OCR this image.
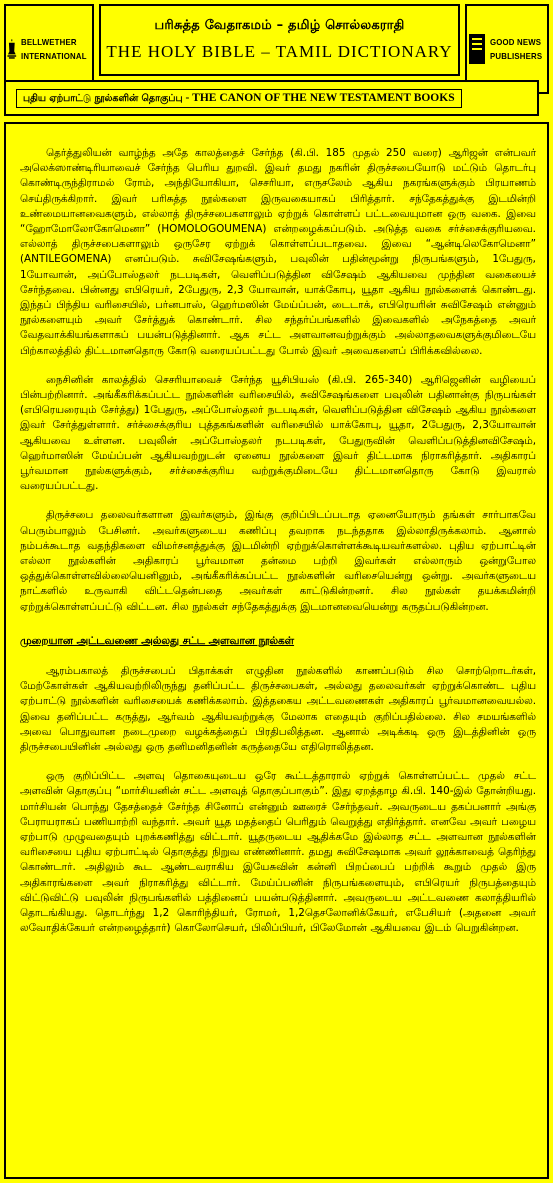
BELLWETHER
INTERNATIONAL
பரிசுத்த வேதாகமம் – தமிழ் சொல்லகராதி
THE HOLY BIBLE – TAMIL DICTIONARY	GOOD NEWS
PUBLISHERS
புதிய ஏற்பாட்டு நூல்களின் தொகுப்பு - THE CANON OF THE NEW TESTAMENT BOOKS

தெர்த்துலியன் வாழ்ந்த அதே காலத்தைச் சேர்ந்த (கி.பி. 185 முதல் 250 வரை) ஆரிஜன் என்பவர் அலெக்ஸாண்டிரியாவைச் சேர்ந்த பெரிய துறவி. இவர் தமது நகரின் திருச்சபையோடு மட்டும் தொடர்பு கொண்டிருந்திராமல் ரோம், அந்தியோகியா, செசரியா, எருசலேம் ஆகிய நகரங்களுக்கும் பிரயாணம் செய்திருக்கிறார். இவர் பரிசுத்த நூல்களை இருவகையாகப் பிரித்தார். சந்தேகத்துக்கு இடமின்றி உண்மையானவைகளும், எல்லாத் திருச்சபைகளாலும் ஏற்றுக் கொள்ளப் பட்டவையுமான ஒரு வகை. இவை “ஹோமோலோகோமெனா” (HOMOLOGOUMENA) என்றழைக்கப்படும். அடுத்த வகை சர்ச்சைக்குரியவை. எல்லாத் திருச்சபைகளாலும் ஒருசேர ஏற்றுக் கொள்ளப்படாதவை. இவை “ஆன்டிலெகோமெனா” (ANTILEGOMENA) எனப்படும். சுவிசேஷங்களும், பவுலின் பதின்மூன்று நிருபங்களும், 1பேதுரு, 1யோவான், அப்போஸ்தலர் நடபடிகள், வெளிப்படுத்தின விசேஷம் ஆகியவை முந்தின வகையைச் சேர்ந்தவை. பின்னது எபிரெயர், 2பேதுரு, 2,3 யோவான், யாக்கோபு, யூதா ஆகிய நூல்களைக் கொண்டது. இந்தப் பிந்திய வரிசையில், பர்னபாஸ், ஹெர்மஸின் மேய்ப்பன், டைடாக், எபிரெயரின் சுவிசேஷம் என்னும் நூல்களையும் அவர் சேர்த்துக் கொண்டார். சில சந்தர்ப்பங்களில் இவைகளில் அநேகத்தை அவர் வேதவாக்கியங்களாகப் பயன்படுத்தினார். ஆக சட்ட அளவானவற்றுக்கும் அல்லாதவைகளுக்குமிடையே பிற்காலத்தில் திட்டமானதொரு கோடு வரையப்பட்டது போல் இவர் அவைகளைப் பிரிக்கவில்லை.

நைசினின் காலத்தில் செசரியாவைச் சேர்ந்த யூசிபியஸ் (கி.பி. 265-340) ஆரிஜெனின் வழியைப் பின்பற்றினார். அங்கீகரிக்கப்பட்ட நூல்களின் வரிசையில், சுவிசேஷங்களை பவுலின் பதினான்கு நிருபங்கள் (எபிரெயரையும் சேர்த்து) 1பேதுரு, அப்போஸ்தலர் நடபடிகள், வெளிப்படுத்தின விசேஷம் ஆகிய நூல்களை இவர் சேர்த்துள்ளார். சர்ச்சைக்குரிய புத்தகங்களின் வரிசையில் யாக்கோபு, யூதா, 2பேதுரு, 2,3யோவான் ஆகியவை உள்ளன. பவுலின் அப்போஸ்தலர் நடபடிகள், பேதுருவின் வெளிப்படுத்தினவிசேஷம், ஹெர்மாஸின் மேய்ப்பன் ஆகியவற்றுடன் ஏனைய நூல்களை இவர் திட்டமாக நிராகரித்தார். அதிகாரப் பூர்வமான நூல்களுக்கும், சர்ச்சைக்குரிய வற்றுக்குமிடையே திட்டமானதொரு கோடு இவரால் வரையப்பட்டது.

திருச்சபை தலைவர்களான இவர்களும், இங்கு குறிப்பிடப்படாத ஏனையோரும் தங்கள் சார்பாகவே பெரும்பாலும் பேசினர். அவர்களுடைய கணிப்பு தவறாக நடந்ததாக இல்லாதிருக்கலாம். ஆனால் நம்பக்கூடாத வதந்திகளை விமர்சனத்துக்கு இடமின்றி ஏற்றுக்கொள்ளக்கூடியவர்களல்ல. புதிய ஏற்பாட்டின் எல்லா நூல்களின் அதிகாரப் பூர்வமான தன்மை பற்றி இவர்கள் எல்லாரும் ஒன்றுபோல ஒத்துக்கொள்ளவில்லையெனினும், அங்கீகரிக்கப்பட்ட நூல்களின் வரிசையென்று ஒன்று. அவர்களுடைய நாட்களில் உருவாகி விட்டதென்பதை அவர்கள் காட்டுகின்றனர். சில நூல்கள் தயக்கமின்றி ஏற்றுக்கொள்ளப்பட்டு விட்டன. சில நூல்கள் சந்தேகத்துக்கு இடமானவையென்று கருதப்படுகின்றன.

முறையான அட்டவணை அல்லது சட்ட அளவான நூல்கள்

ஆரம்பகாலத் திருச்சபைப் பிதாக்கள் எழுதின நூல்களில் காணப்படும் சில சொற்றொடர்கள், மேற்கோள்கள் ஆகியவற்றிலிருந்து தனிப்பட்ட திருச்சபைகள், அல்லது தலைவர்கள் ஏற்றுக்கொண்ட புதிய ஏற்பாட்டு நூல்களின் வரிசையைக் கணிக்கலாம். இத்தகைய அட்டவணைகள் அதிகாரப் பூர்வமானவையல்ல. இவை தனிப்பட்ட கருத்து, ஆர்வம் ஆகியவற்றுக்கு மேலாக எதையும் குறிப்பதில்லை. சில சமயங்களில் அவை பொதுவான நடைமுறை வழக்கத்தைப் பிரதிபலித்தன. ஆனால் அடிக்கடி ஒரு இடத்தினின் ஒரு திருச்சபையினின் அல்லது ஒரு தனிமனிதனின் கருத்தையே எதிரொலித்தன.

ஒரு குறிப்பிட்ட அளவு தொகையுடைய ஒரே கூட்டத்தாரால் ஏற்றுக் கொள்ளப்பட்ட முதல் சட்ட அளவின் தொகுப்பு “மார்சியனின் சட்ட அளவுத் தொகுப்பாகும்”. இது ஏறத்தாழ கி.பி. 140-இல் தோன்றியது. மார்சியன் பொந்து தேசத்தைச் சேர்ந்த சினோப் என்னும் ஊரைச் சேர்ந்தவர். அவருடைய தகப்பனார் அங்கு பேராயராகப் பணியாற்றி வந்தார். அவர் யூத மதத்தைப் பெரிதும் வெறுத்து எதிர்த்தார். எனவே அவர் பழைய ஏற்பாடு முழுவதையும் புறக்கணித்து விட்டார். யூதருடைய ஆதிக்கமே இல்லாத சட்ட அளவான நூல்களின் வரிசையை புதிய ஏற்பாட்டில் தொகுத்து நிறுவ எண்ணினார். தமது சுவிசேஷமாக அவர் லூக்காவைத் தெரிந்து கொண்டார். அதிலும் கூட ஆண்டவராகிய இயேசுவின் கன்னி பிறப்பைப் பற்றிக் கூறும் முதல் இரு அதிகாரங்களை அவர் நிராகரித்து விட்டார். மேய்ப்பனின் நிருபங்களையும், எபிரெயர் நிருபத்தையும் விட்டுவிட்டு பவுலின் நிருபங்களில் பத்தினைப் பயன்படுத்தினார். அவருடைய அட்டவணை கலாத்தியரில் தொடங்கியது. தொடர்ந்து 1,2 கொரிந்தியர், ரோமர், 1,2தெசலோனிக்கேயர், எபேசியர் (அதனை அவர் லவோதிக்கேயர் என்றழைத்தார்) கொலோசெயர், பிலிப்பியர், பிலேமோன் ஆகியவை இடம் பெறுகின்றன.
